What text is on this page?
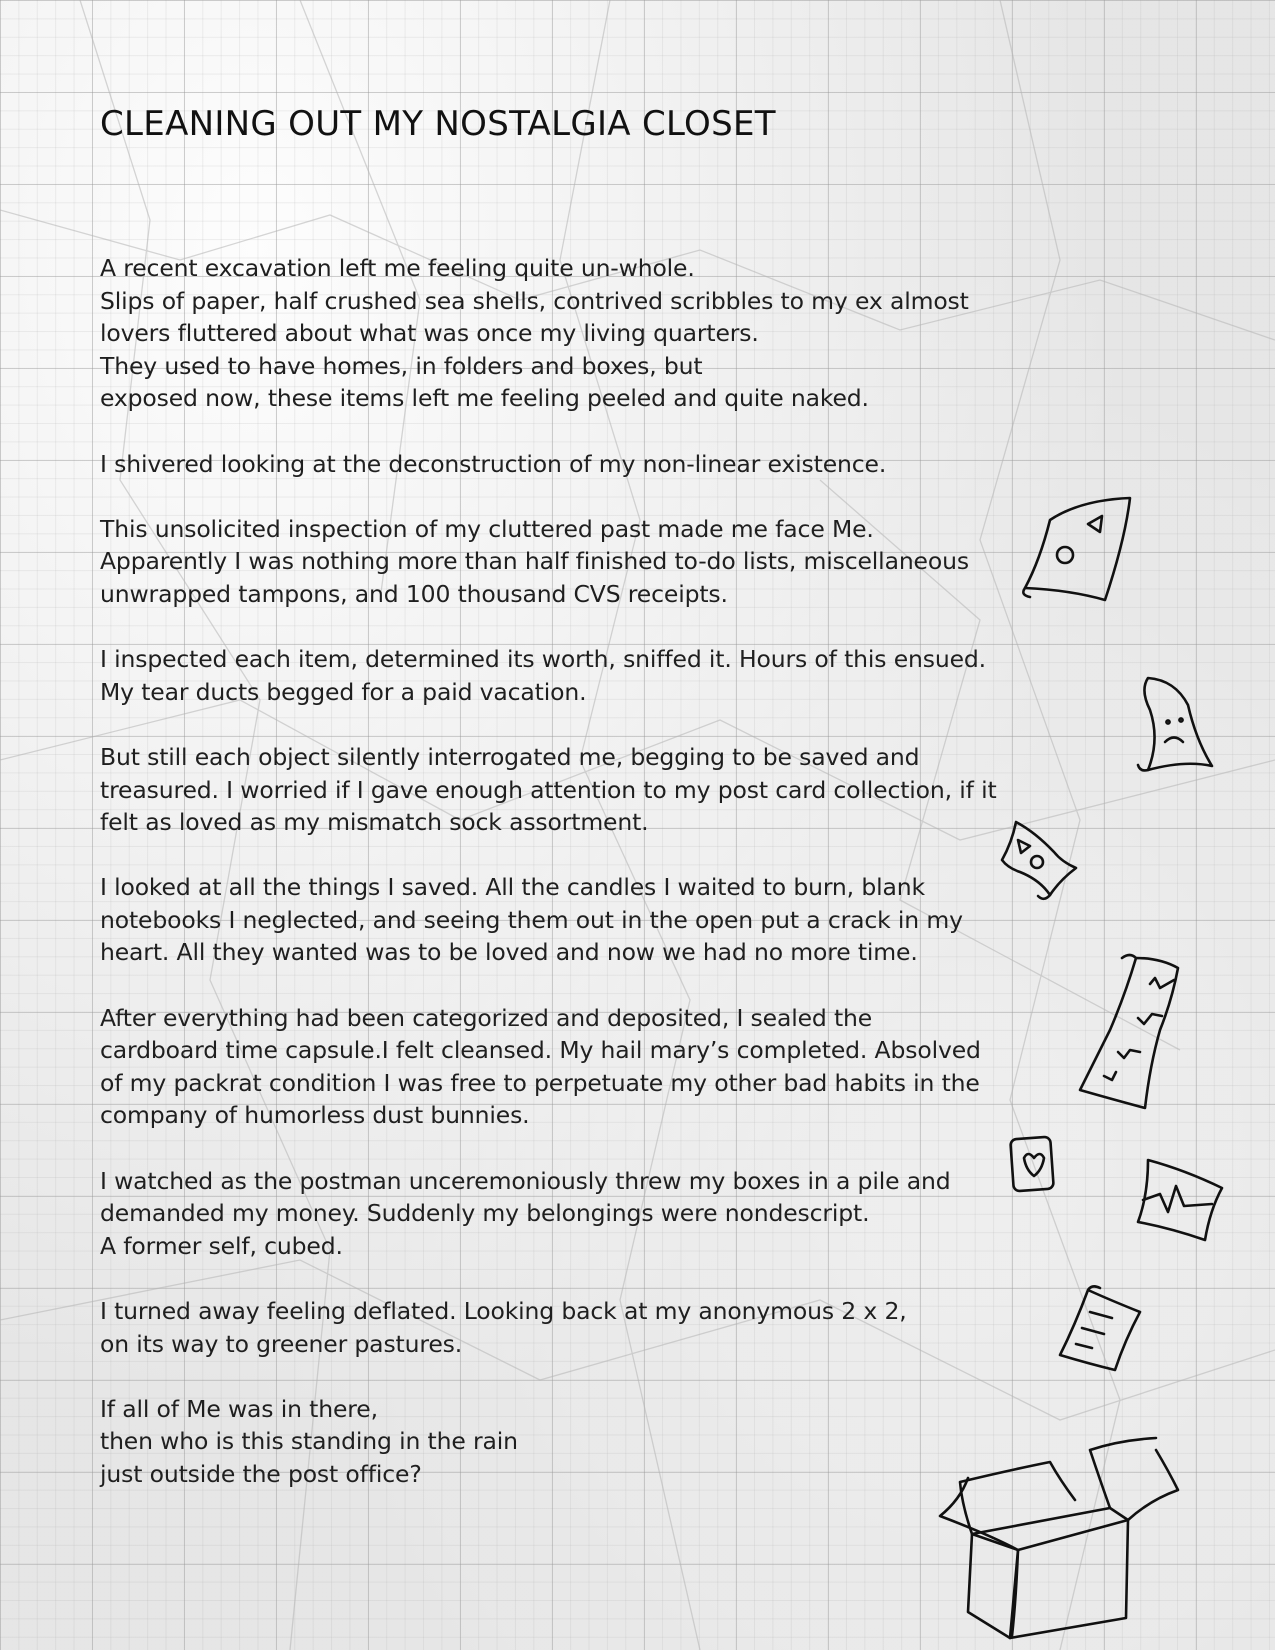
CLEANING OUT MY NOSTALGIA CLOSET

A recent excavation left me feeling quite un-whole.
Slips of paper, half crushed sea shells, contrived scribbles to my ex almost
lovers fluttered about what was once my living quarters.
They used to have homes, in folders and boxes, but
exposed now, these items left me feeling peeled and quite naked.

I shivered looking at the deconstruction of my non-linear existence.

This unsolicited inspection of my cluttered past made me face Me.
Apparently I was nothing more than half finished to-do lists, miscellaneous
unwrapped tampons, and 100 thousand CVS receipts.

I inspected each item, determined its worth, sniffed it. Hours of this ensued.
My tear ducts begged for a paid vacation.

But still each object silently interrogated me, begging to be saved and
treasured. I worried if I gave enough attention to my post card collection, if it
felt as loved as my mismatch sock assortment.

I looked at all the things I saved. All the candles I waited to burn, blank
notebooks I neglected, and seeing them out in the open put a crack in my
heart. All they wanted was to be loved and now we had no more time.

After everything had been categorized and deposited, I sealed the
cardboard time capsule.I felt cleansed. My hail mary’s completed. Absolved
of my packrat condition I was free to perpetuate my other bad habits in the
company of humorless dust bunnies.

I watched as the postman unceremoniously threw my boxes in a pile and
demanded my money. Suddenly my belongings were nondescript.
A former self, cubed.

I turned away feeling deflated. Looking back at my anonymous 2 x 2,
on its way to greener pastures.

If all of Me was in there,
then who is this standing in the rain
just outside the post office?
